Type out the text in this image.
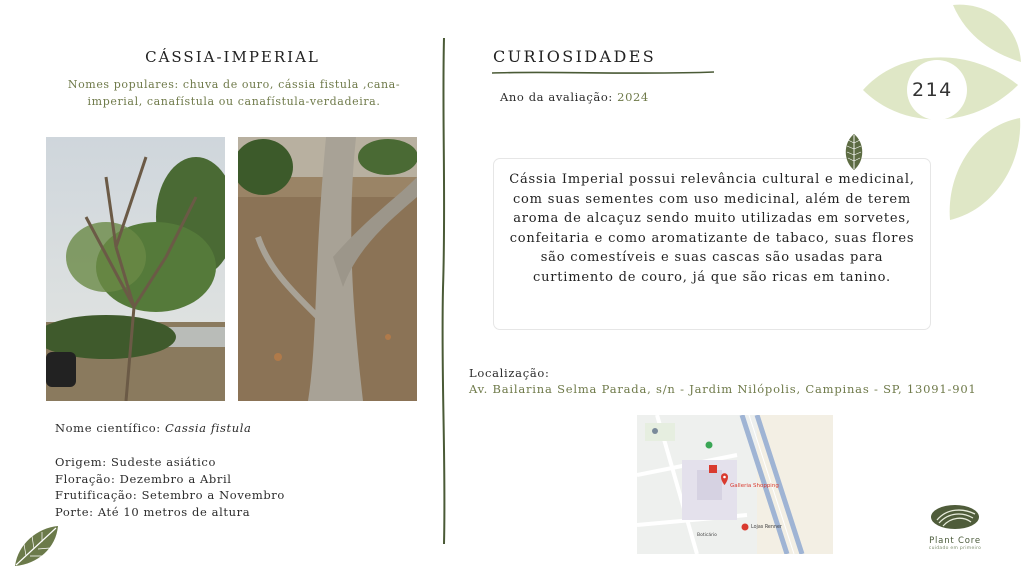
214
CÁSSIA-IMPERIAL
Nomes populares: chuva de ouro, cássia fistula ,cana-imperial, canafístula ou canafístula-verdadeira.
Nome científico: Cassia fistula
Origem: Sudeste asiático
Floração: Dezembro a Abril
Frutificação: Setembro a Novembro
Porte: Até 10 metros de altura
CURIOSIDADES
Ano da avaliação: 2024
Cássia Imperial possui relevância cultural e medicinal, com suas sementes com uso medicinal, além de terem aroma de alcaçuz sendo muito utilizadas em sorvetes, confeitaria e como aromatizante de tabaco, suas flores são comestíveis e suas cascas são usadas para curtimento de couro, já que são ricas em tanino.
Localização:
Av. Bailarina Selma Parada, s/n - Jardim Nilópolis, Campinas - SP, 13091-901
Galleria Shopping
Lojas Renner
Boticário
Plant Core
cuidado em primeiro
